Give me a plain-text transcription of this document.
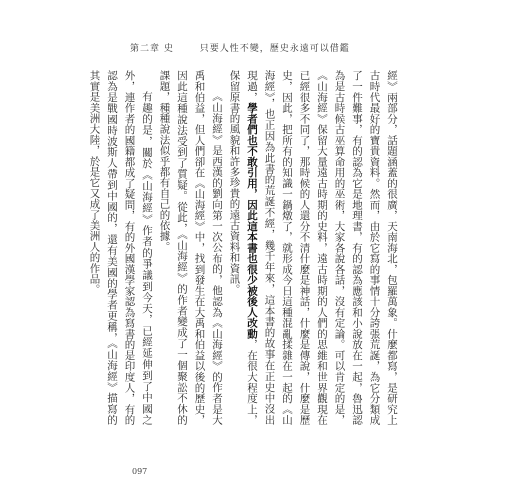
第二章 史	只要人性不變，歷史永遠可以借鑑

經》兩部分，話題涵蓋的很廣，天南海北，包羅萬象。什麼都寫，是研究上古時代最好的寶貴資料。然而，由於它寫的事情十分誇張荒誕，為它分類成了一件難事，有的認為它是地理書，有的認為應該和小說放在一起，魯迅認為是古時候古巫算命用的巫術，大家各說各話，沒有定論。可以肯定的是，《山海經》保留大量遠古時期的史料，遠古時期的人們的思維和世界觀現在已經很多不同了，那時候的人還分不清什麼是神話，什麼是傳說，什麼是歷史，因此，把所有的知識一鍋燉了，就形成今日這種混亂揉雜在一起的《山海經》，也正因為此書的荒誕不經，幾千年來，這本書的故事在正史中沒出現過，學者們也不敢引用，因此這本書也很少被後人改動，在很大程度上，保留原書的風貌和許多珍貴的遠古資料和資訊。

《山海經》是西漢的劉向第一次公布的，他認為《山海經》的作者是大禹和伯益，但人們卻在《山海經》中，找到發生在大禹和伯益以後的歷史，因此這種說法受到了質疑。從此，《山海經》的作者變成了一個聚訟不休的課題，種種說法似乎都有自己的依據。

有趣的是，關於《山海經》作者的爭議到今天，已經延伸到了中國之外，連作者的國籍都成了疑問，有的外國漢學家認為寫書的是印度人，有的認為是戰國時波斯人帶到中國的，還有美國的學者更稱，《山海經》描寫的其實是美洲大陸，於是它又成了美洲人的作品。

097
